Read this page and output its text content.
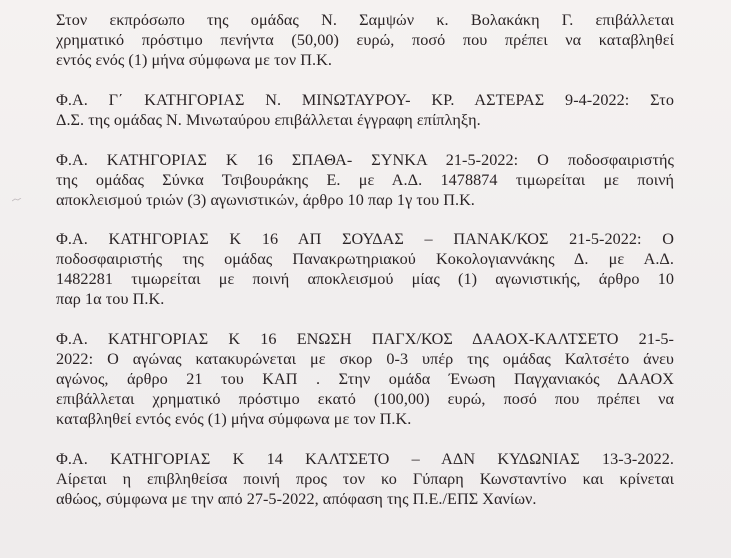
Στον εκπρόσωπο της ομάδας Ν. Σαμψών κ. Βολακάκη Γ. επιβάλλεται
χρηματικό πρόστιμο πενήντα (50,00) ευρώ, ποσό που πρέπει να καταβληθεί
εντός ενός (1) μήνα σύμφωνα με τον Π.Κ.
Φ.Α. Γ΄ ΚΑΤΗΓΟΡΙΑΣ Ν. ΜΙΝΩΤΑΥΡΟΥ- ΚΡ. ΑΣΤΕΡΑΣ 9-4-2022: Στο
Δ.Σ. της ομάδας Ν. Μινωταύρου επιβάλλεται έγγραφη επίπληξη.
Φ.Α. ΚΑΤΗΓΟΡΙΑΣ Κ 16 ΣΠΑΘΑ- ΣΥΝΚΑ 21-5-2022: Ο ποδοσφαιριστής
της ομάδας Σύνκα Τσιβουράκης Ε. με Α.Δ. 1478874 τιμωρείται με ποινή
αποκλεισμού τριών (3) αγωνιστικών, άρθρο 10 παρ 1γ του Π.Κ.
Φ.Α. ΚΑΤΗΓΟΡΙΑΣ Κ 16 ΑΠ ΣΟΥΔΑΣ – ΠΑΝΑΚ/ΚΟΣ 21-5-2022: Ο
ποδοσφαιριστής της ομάδας Πανακρωτηριακού Κοκολογιαννάκης Δ. με Α.Δ.
1482281 τιμωρείται με ποινή αποκλεισμού μίας (1) αγωνιστικής, άρθρο 10
παρ 1α του Π.Κ.
Φ.Α. ΚΑΤΗΓΟΡΙΑΣ Κ 16 ΕΝΩΣΗ ΠΑΓΧ/ΚΟΣ ΔΑΑΟΧ-ΚΑΛΤΣΕΤΟ 21-5-
2022: Ο αγώνας κατακυρώνεται με σκορ 0-3 υπέρ της ομάδας Καλτσέτο άνευ
αγώνος, άρθρο 21 του ΚΑΠ . Στην ομάδα Ένωση Παγχανιακός ΔΑΑΟΧ
επιβάλλεται χρηματικό πρόστιμο εκατό (100,00) ευρώ, ποσό που πρέπει να
καταβληθεί εντός ενός (1) μήνα σύμφωνα με τον Π.Κ.
Φ.Α. ΚΑΤΗΓΟΡΙΑΣ Κ 14 ΚΑΛΤΣΕΤΟ – ΑΔΝ ΚΥΔΩΝΙΑΣ 13-3-2022.
Αίρεται η επιβληθείσα ποινή προς τον κο Γύπαρη Κωνσταντίνο και κρίνεται
αθώος, σύμφωνα με την από 27-5-2022, απόφαση της Π.Ε./ΕΠΣ Χανίων.
